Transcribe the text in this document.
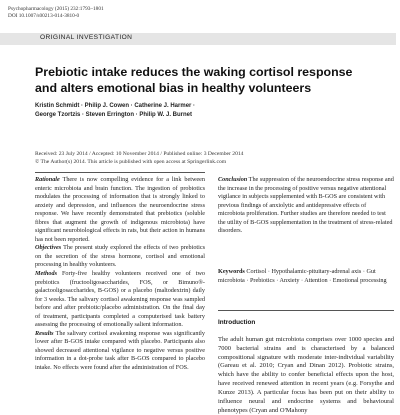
Psychopharmacology (2015) 232:1793–1801
DOI 10.1007/s00213-014-3810-0
ORIGINAL INVESTIGATION
Prebiotic intake reduces the waking cortisol response and alters emotional bias in healthy volunteers
Kristin Schmidt · Philip J. Cowen · Catherine J. Harmer ·
George Tzortzis · Steven Errington · Philip W. J. Burnet
Received: 23 July 2014 / Accepted: 10 November 2014 / Published online: 3 December 2014
© The Author(s) 2014. This article is published with open access at Springerlink.com

Rationale There is now compelling evidence for a link between enteric microbiota and brain function. The ingestion of probiotics modulates the processing of information that is strongly linked to anxiety and depression, and influences the neuroendocrine stress response. We have recently demonstrated that prebiotics (soluble fibres that augment the growth of indigenous microbiota) have significant neurobiological effects in rats, but their action in humans has not been reported.

Objectives The present study explored the effects of two prebiotics on the secretion of the stress hormone, cortisol and emotional processing in healthy volunteers.

Methods Forty-five healthy volunteers received one of two prebiotics (fructooligosaccharides, FOS, or Bimuno®-galactooligosaccharides, B-GOS) or a placebo (maltodextrin) daily for 3 weeks. The salivary cortisol awakening response was sampled before and after prebiotic/placebo administration. On the final day of treatment, participants completed a computerised task battery assessing the processing of emotionally salient information.

Results The salivary cortisol awakening response was significantly lower after B-GOS intake compared with placebo. Participants also showed decreased attentional vigilance to negative versus positive information in a dot-probe task after B-GOS compared to placebo intake. No effects were found after the administration of FOS.

Conclusion The suppression of the neuroendocrine stress response and the increase in the processing of positive versus negative attentional vigilance in subjects supplemented with B-GOS are consistent with previous findings of anxiolytic and antidepressive effects of microbiota proliferation. Further studies are therefore needed to test the utility of B-GOS supplementation in the treatment of stress-related disorders.

Keywords Cortisol · Hypothalamic-pituitary-adrenal axis · Gut microbiota · Prebiotics · Anxiety · Attention · Emotional processing
Introduction
The adult human gut microbiota comprises over 1000 species and 7000 bacterial strains and is characterised by a balanced compositional signature with moderate inter-individual variability (Gareau et al. 2010; Cryan and Dinan 2012). Probiotic strains, which have the ability to confer beneficial effects upon the host, have received renewed attention in recent years (e.g. Forsythe and Kunze 2013). A particular focus has been put on their ability to influence neural and endocrine systems and behavioural phenotypes (Cryan and O'Mahony
